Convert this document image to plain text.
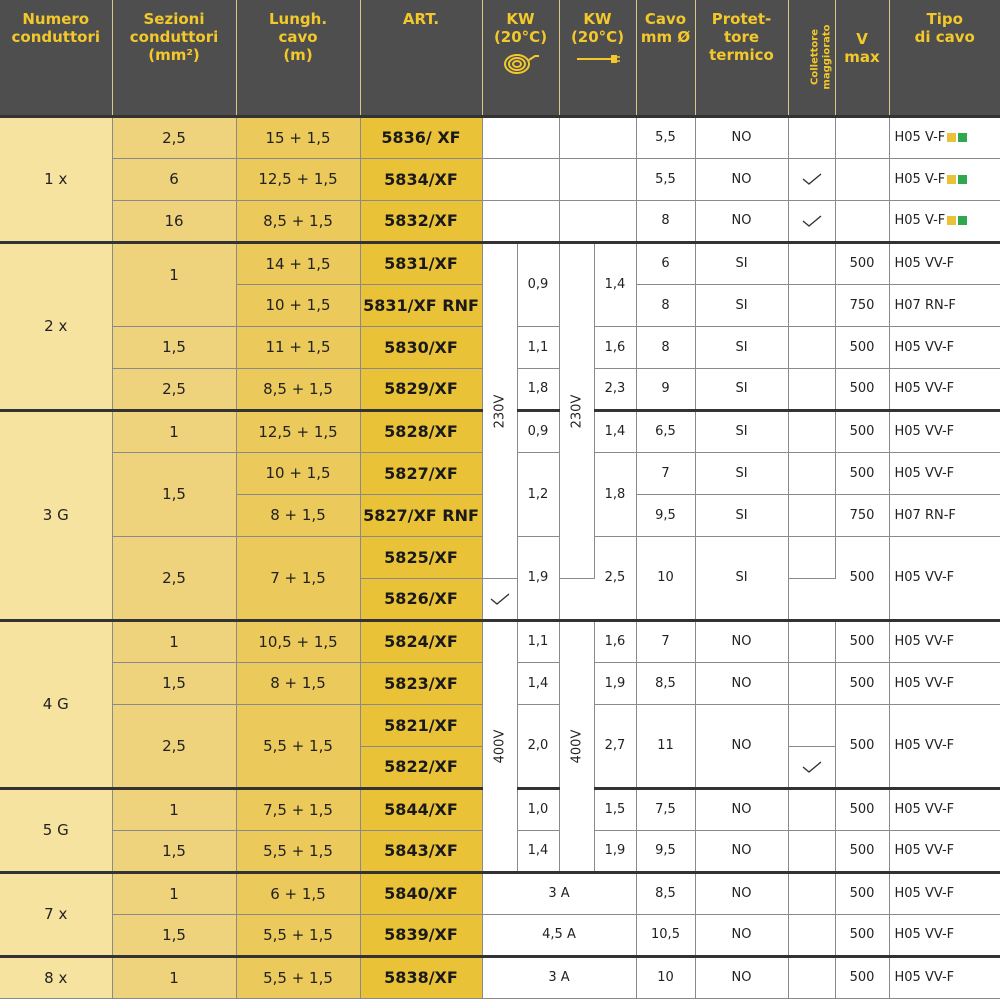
Numero
conduttori	Sezioni
conduttori
(mm²)	Lungh.
cavo
(m)	ART.	KW
(20°C)		KW
(20°C)		Cavo
mm Ø	Protet-
tore
termico	Collettore
maggiorato	V
max	Tipo
di cavo
1 x	2,5	15 + 1,5	5836/ XF					5,5	NO			H05 V-F
	6	12,5 + 1,5	5834/XF					5,5	NO			H05 V-F
	16	8,5 + 1,5	5832/XF					8	NO			H05 V-F
2 x	1	14 + 1,5	5831/XF	230V	0,9	230V	1,4	6	SI		500	H05 VV-F
		10 + 1,5	5831/XF RNF					8	SI		750	H07 RN-F
	1,5	11 + 1,5	5830/XF		1,1		1,6	8	SI		500	H05 VV-F
	2,5	8,5 + 1,5	5829/XF		1,8		2,3	9	SI		500	H05 VV-F
3 G	1	12,5 + 1,5	5828/XF		0,9		1,4	6,5	SI		500	H05 VV-F
	1,5	10 + 1,5	5827/XF		1,2		1,8	7	SI		500	H05 VV-F
		8 + 1,5	5827/XF RNF					9,5	SI		750	H07 RN-F
	2,5	7 + 1,5	5825/XF		1,9		2,5	10	SI		500	H05 VV-F
			5826/XF	
4 G	1	10,5 + 1,5	5824/XF	400V	1,1	400V	1,6	7	NO		500	H05 VV-F
	1,5	8 + 1,5	5823/XF		1,4		1,9	8,5	NO		500	H05 VV-F
	2,5	5,5 + 1,5	5821/XF		2,0		2,7	11	NO		500	H05 VV-F
			5822/XF	
5 G	1	7,5 + 1,5	5844/XF		1,0		1,5	7,5	NO		500	H05 VV-F
	1,5	5,5 + 1,5	5843/XF		1,4		1,9	9,5	NO		500	H05 VV-F
7 x	1	6 + 1,5	5840/XF	3 A				8,5	NO		500	H05 VV-F
	1,5	5,5 + 1,5	5839/XF	4,5 A				10,5	NO		500	H05 VV-F
8 x	1	5,5 + 1,5	5838/XF	3 A				10	NO		500	H05 VV-F
